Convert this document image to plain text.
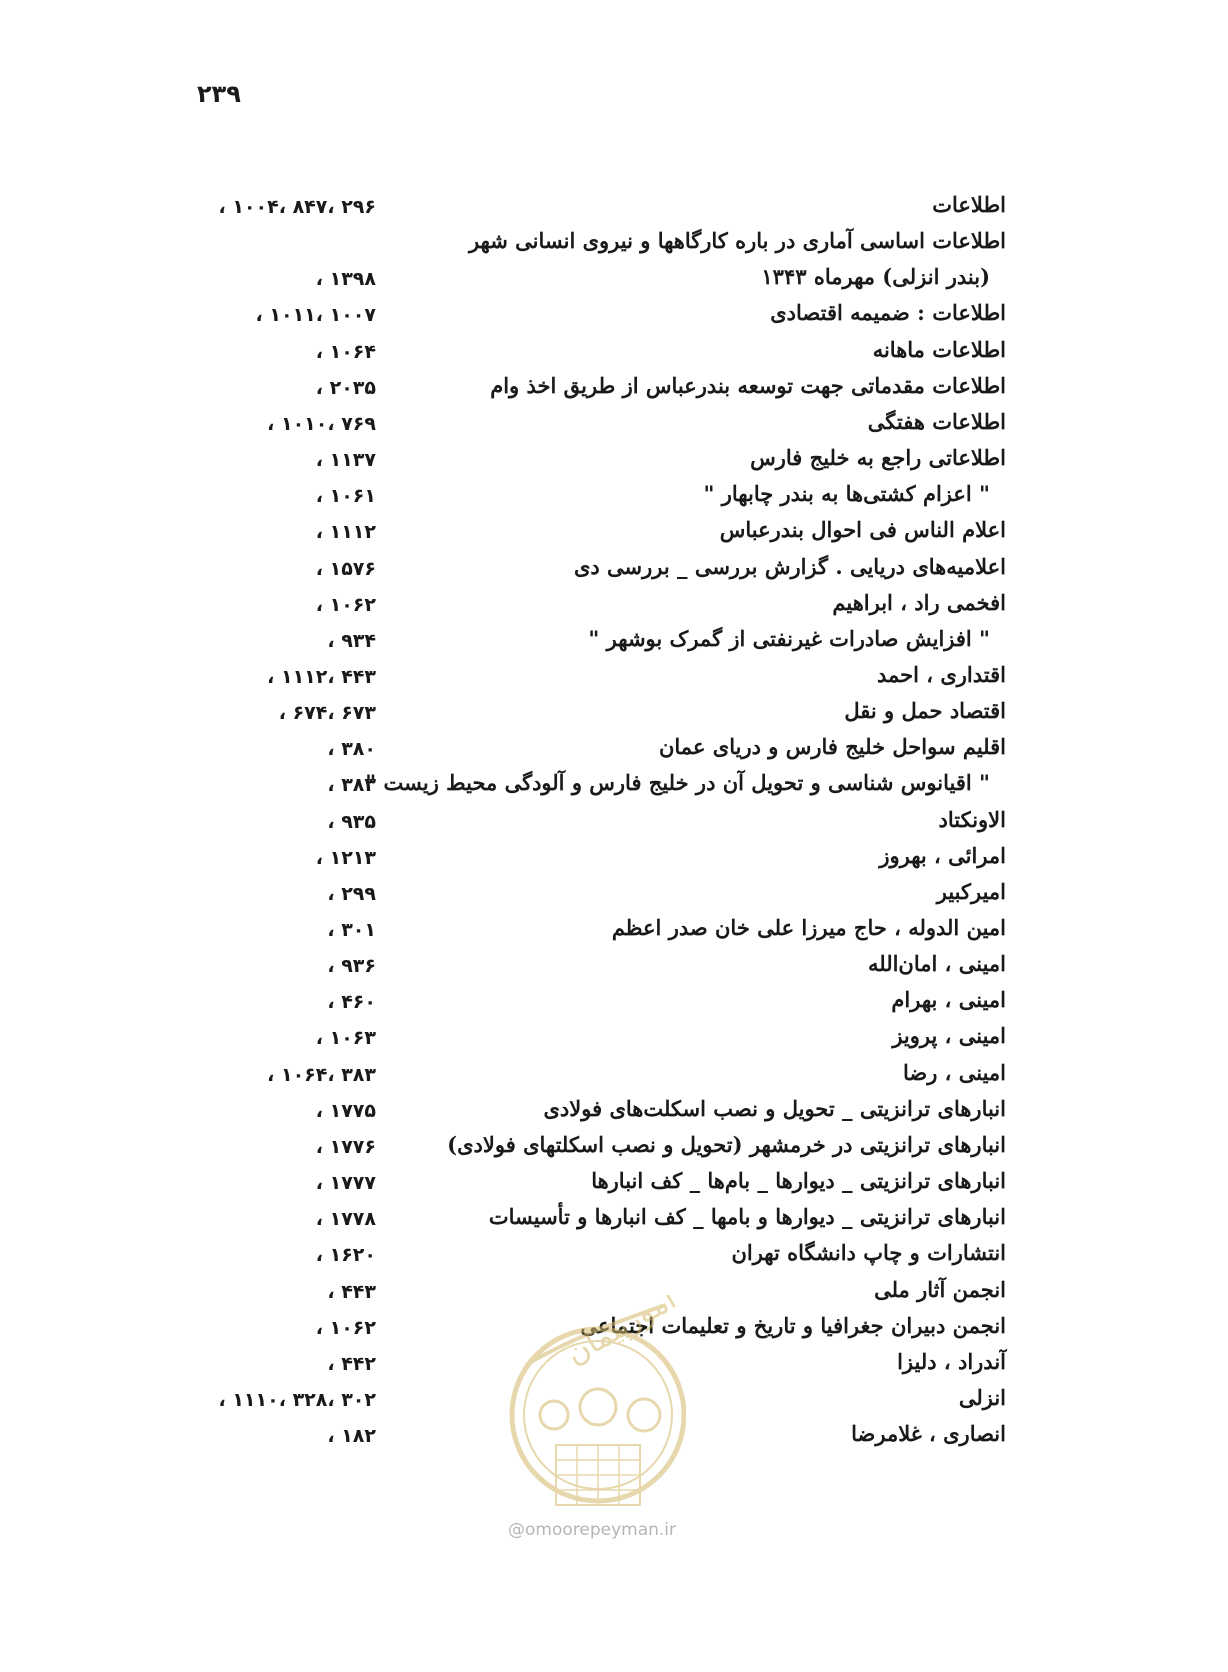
۲۳۹
اطلاعات
۲۹۶ ،۸۴۷ ،۱۰۰۴ ،
اطلاعات اساسی آماری در باره کارگاهها و نیروی انسانی شهر
(بندر انزلی) مهرماه ۱۳۴۳
۱۳۹۸ ،
اطلاعات : ضمیمه اقتصادی
۱۰۰۷ ،۱۰۱۱ ،
اطلاعات ماهانه
۱۰۶۴ ،
اطلاعات مقدماتی جهت توسعه بندرعباس از طریق اخذ وام
۲۰۳۵ ،
اطلاعات هفتگی
۷۶۹ ،۱۰۱۰ ،
اطلاعاتی راجع به خلیج فارس
۱۱۳۷ ،
" اعزام کشتی‌ها به بندر چابهار "
۱۰۶۱ ،
اعلام الناس فی احوال بندرعباس
۱۱۱۲ ،
اعلامیه‌های دریایی . گزارش بررسی _ بررسی دی
۱۵۷۶ ،
افخمی راد ، ابراهیم
۱۰۶۲ ،
" افزایش صادرات غیرنفتی از گمرک بوشهر "
۹۳۴ ،
اقتداری ، احمد
۴۴۳ ،۱۱۱۲ ،
اقتصاد حمل و نقل
۶۷۳ ،۶۷۴ ،
اقلیم سواحل خلیج فارس و دریای عمان
۳۸۰ ،
" اقیانوس شناسی و تحویل آن در خلیج فارس و آلودگی محیط زیست "
۳۸۳ ،
الاونکتاد
۹۳۵ ،
امرائی ، بهروز
۱۲۱۳ ،
امیرکبیر
۲۹۹ ،
امین الدوله ، حاج میرزا علی خان صدر اعظم
۳۰۱ ،
امینی ، امان‌الله
۹۳۶ ،
امینی ، بهرام
۴۶۰ ،
امینی ، پرویز
۱۰۶۳ ،
امینی ، رضا
۳۸۳ ،۱۰۶۴ ،
انبارهای ترانزیتی _ تحویل و نصب اسکلت‌های فولادی
۱۷۷۵ ،
انبارهای ترانزیتی در خرمشهر (تحویل و نصب اسکلتهای فولادی)
۱۷۷۶ ،
انبارهای ترانزیتی _ دیوارها _ بام‌ها _ کف انبارها
۱۷۷۷ ،
انبارهای ترانزیتی _ دیوارها و بامها _ کف انبارها و تأسیسات
۱۷۷۸ ،
انتشارات و چاپ دانشگاه تهران
۱۶۲۰ ،
انجمن آثار ملی
۴۴۳ ،
انجمن دبیران جغرافیا و تاریخ و تعلیمات اجتماعی
۱۰۶۲ ،
آندراد ، دلیزا
۴۴۲ ،
انزلی
۳۰۲ ،۳۲۸ ،۱۱۱۰ ،
انصاری ، غلامرضا
۱۸۲ ،
امورپیمان
@omoorepeyman.ir
